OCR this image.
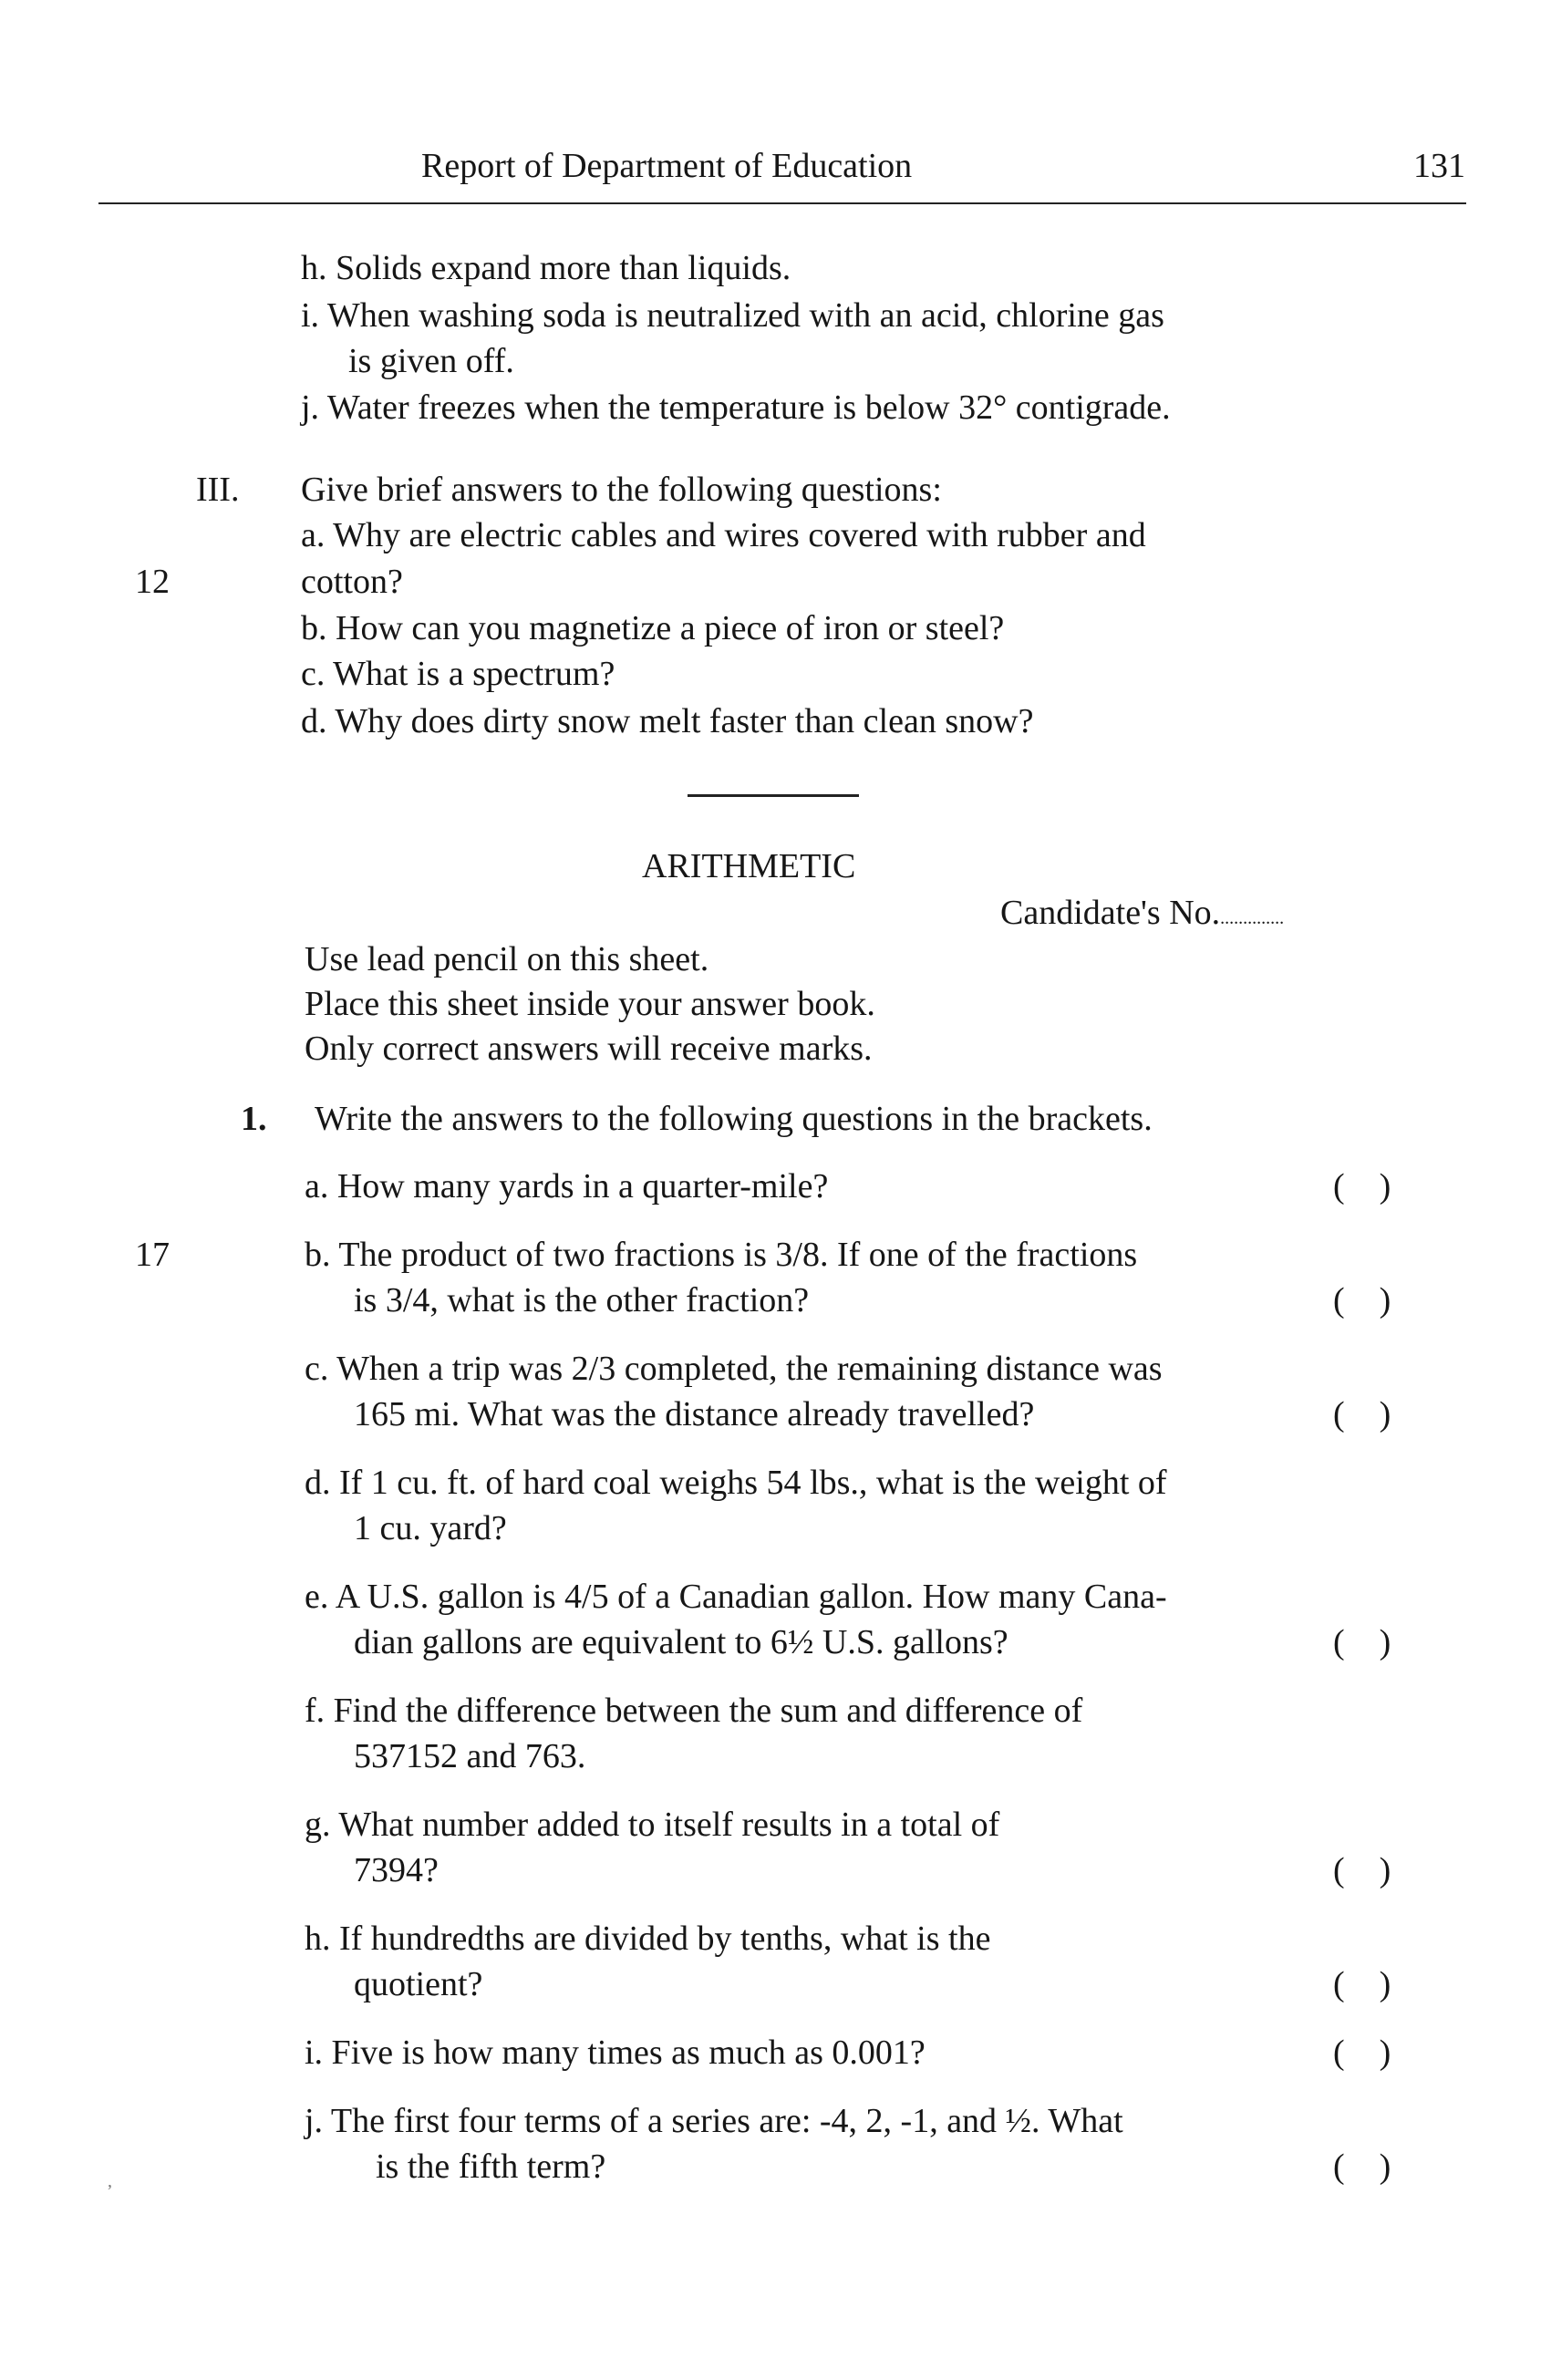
Report of Department of Education	131
h. Solids expand more than liquids.
i. When washing soda is neutralized with an acid, chlorine gas
is given off.
j. Water freezes when the temperature is below 32° contigrade.
III. Give brief answers to the following questions:
12
a. Why are electric cables and wires covered with rubber and
cotton?
b. How can you magnetize a piece of iron or steel?
c. What is a spectrum?
d. Why does dirty snow melt faster than clean snow?
ARITHMETIC
Candidate's No...............
Use lead pencil on this sheet.
Place this sheet inside your answer book.
Only correct answers will receive marks.
1. Write the answers to the following questions in the brackets.
17
a. How many yards in a quarter-mile?	(    )
b. The product of two fractions is 3/8. If one of the fractions
is 3/4, what is the other fraction?	(    )
c. When a trip was 2/3 completed, the remaining distance was
165 mi. What was the distance already travelled?	(    )
d. If 1 cu. ft. of hard coal weighs 54 lbs., what is the weight of
1 cu. yard?
e. A U.S. gallon is 4/5 of a Canadian gallon. How many Cana-
dian gallons are equivalent to 6½ U.S. gallons?	(    )
f. Find the difference between the sum and difference of
537152 and 763.
g. What number added to itself results in a total of
7394?	(    )
h. If hundredths are divided by tenths, what is the
quotient?	(    )
i. Five is how many times as much as 0.001?	(    )
j. The first four terms of a series are: -4, 2, -1, and ½. What
is the fifth term?	(    )
’
